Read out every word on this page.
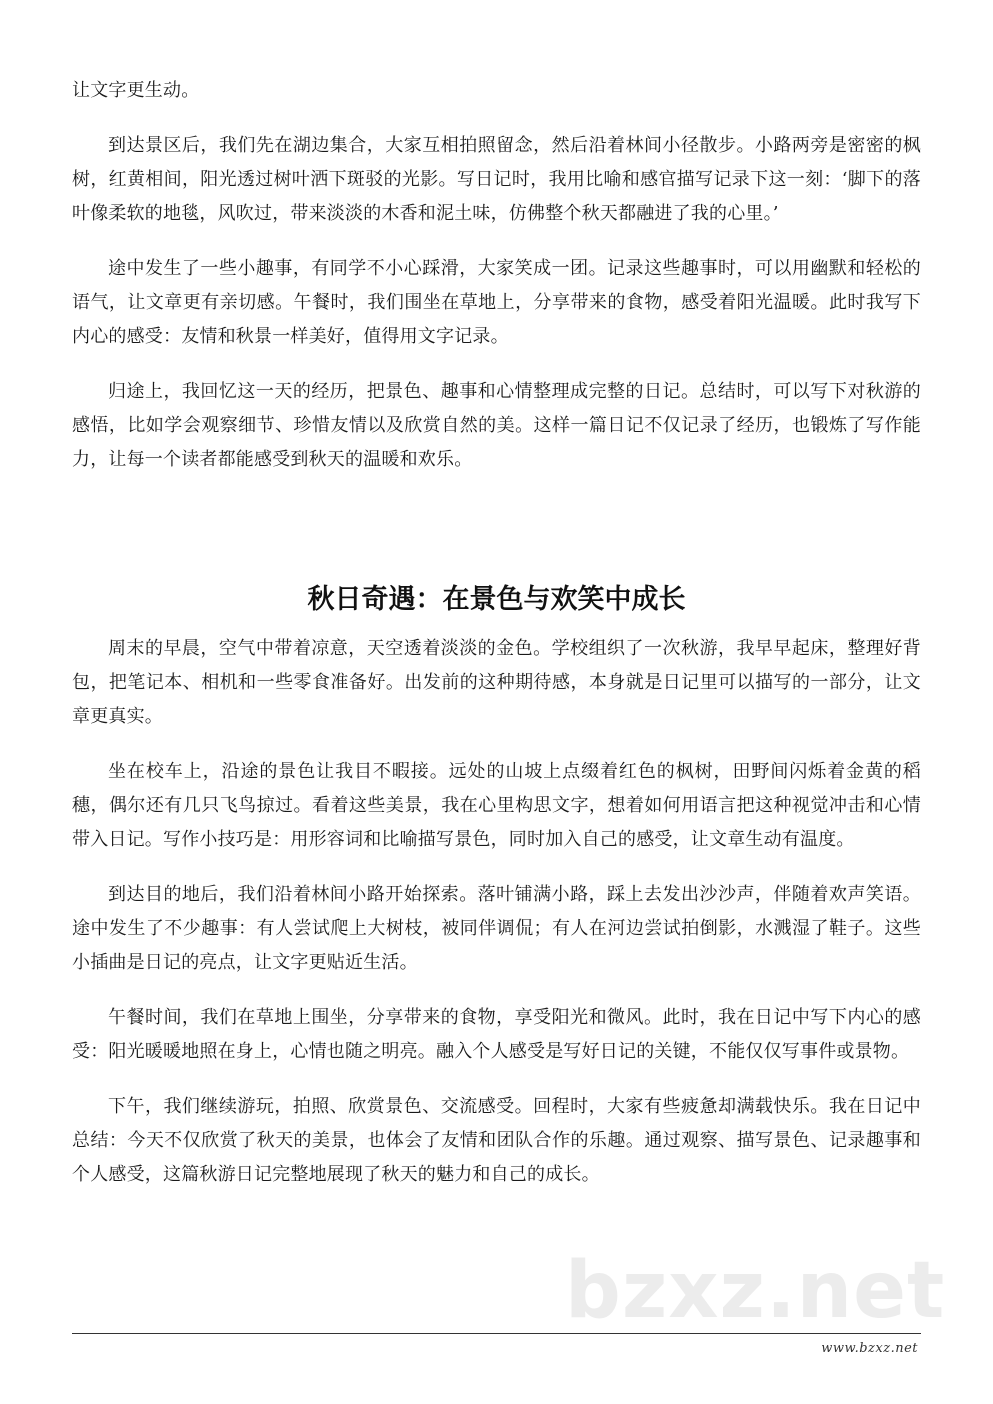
让文字更生动。

到达景区后，我们先在湖边集合，大家互相拍照留念，然后沿着林间小径散步。小路两旁是密密的枫树，红黄相间，阳光透过树叶洒下斑驳的光影。写日记时，我用比喻和感官描写记录下这一刻：‘脚下的落叶像柔软的地毯，风吹过，带来淡淡的木香和泥土味，仿佛整个秋天都融进了我的心里。’

途中发生了一些小趣事，有同学不小心踩滑，大家笑成一团。记录这些趣事时，可以用幽默和轻松的语气，让文章更有亲切感。午餐时，我们围坐在草地上，分享带来的食物，感受着阳光温暖。此时我写下内心的感受：友情和秋景一样美好，值得用文字记录。

归途上，我回忆这一天的经历，把景色、趣事和心情整理成完整的日记。总结时，可以写下对秋游的感悟，比如学会观察细节、珍惜友情以及欣赏自然的美。这样一篇日记不仅记录了经历，也锻炼了写作能力，让每一个读者都能感受到秋天的温暖和欢乐。

秋日奇遇：在景色与欢笑中成长

周末的早晨，空气中带着凉意，天空透着淡淡的金色。学校组织了一次秋游，我早早起床，整理好背包，把笔记本、相机和一些零食准备好。出发前的这种期待感，本身就是日记里可以描写的一部分，让文章更真实。

坐在校车上，沿途的景色让我目不暇接。远处的山坡上点缀着红色的枫树，田野间闪烁着金黄的稻穗，偶尔还有几只飞鸟掠过。看着这些美景，我在心里构思文字，想着如何用语言把这种视觉冲击和心情带入日记。写作小技巧是：用形容词和比喻描写景色，同时加入自己的感受，让文章生动有温度。

到达目的地后，我们沿着林间小路开始探索。落叶铺满小路，踩上去发出沙沙声，伴随着欢声笑语。途中发生了不少趣事：有人尝试爬上大树枝，被同伴调侃；有人在河边尝试拍倒影，水溅湿了鞋子。这些小插曲是日记的亮点，让文字更贴近生活。

午餐时间，我们在草地上围坐，分享带来的食物，享受阳光和微风。此时，我在日记中写下内心的感受：阳光暖暖地照在身上，心情也随之明亮。融入个人感受是写好日记的关键，不能仅仅写事件或景物。

下午，我们继续游玩，拍照、欣赏景色、交流感受。回程时，大家有些疲惫却满载快乐。我在日记中总结：今天不仅欣赏了秋天的美景，也体会了友情和团队合作的乐趣。通过观察、描写景色、记录趣事和个人感受，这篇秋游日记完整地展现了秋天的魅力和自己的成长。

bzxz.net
www.bzxz.net
